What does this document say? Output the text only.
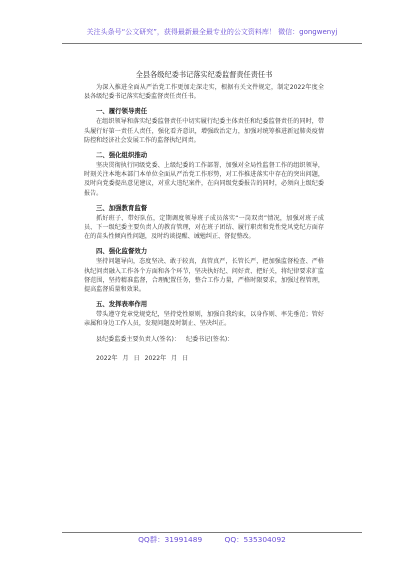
关注头条号“公文研究”，获得最新最全最专业的公文资料库！ 微信：gongwenyj
全县各级纪委书记落实纪委监督责任责任书

为深入推进全面从严治党工作更加走深走实，根据有关文件规定，制定2022年度全县各级纪委书记落实纪委监督责任责任书。

一、履行领导责任

在组织领导和落实纪委监督责任中切实履行纪委主体责任和纪委监督责任的同时，带头履行好第一责任人责任，强化看齐意识，增强政治定力，加强对统筹推进新冠肺炎疫情防控和经济社会发展工作的监督执纪问责。

二、强化组织推动

坚决贯彻执行同级党委、上级纪委的工作部署，加强对全局性监督工作的组织领导，时刻关注本地本部门本单位全面从严治党工作形势，对工作推进落实中存在的突出问题，及时向党委提出意见建议，对重大违纪案件，在向同级党委报告的同时，必须向上级纪委报告。

三、加强教育监督

抓好班子、带好队伍，定期调度领导班子成员落实“一岗双责”情况，加强对班子成员、下一级纪委主要负责人的教育管理，对在班子团结、履行职责和党性党风党纪方面存在的苗头性倾向性问题，及时约谈提醒、诫勉纠正、督促整改。

四、强化监督效力

坚持问题导向，态度坚决、敢于较真，真管真严，长管长严，把加强监督检查、严格执纪问责融入工作各个方面和各个环节，坚决执好纪、问好责、把好关，将纪律要求扩监督范围，坚持精准监督，合理配置任务，整合工作力量，严格时限要求，加强过程管理，提高监督质量和效果。

五、发挥表率作用

带头遵守党章党规党纪，坚持党性原则，加强自我约束，以身作则、率先垂范；管好亲属和身边工作人员，发现问题及时制止、坚决纠正。

县纪委监委主要负责人(签名)： 纪委书记(签名)：
2022年 月 日 2022年 月 日
QQ群：31991489	QQ：535304092
